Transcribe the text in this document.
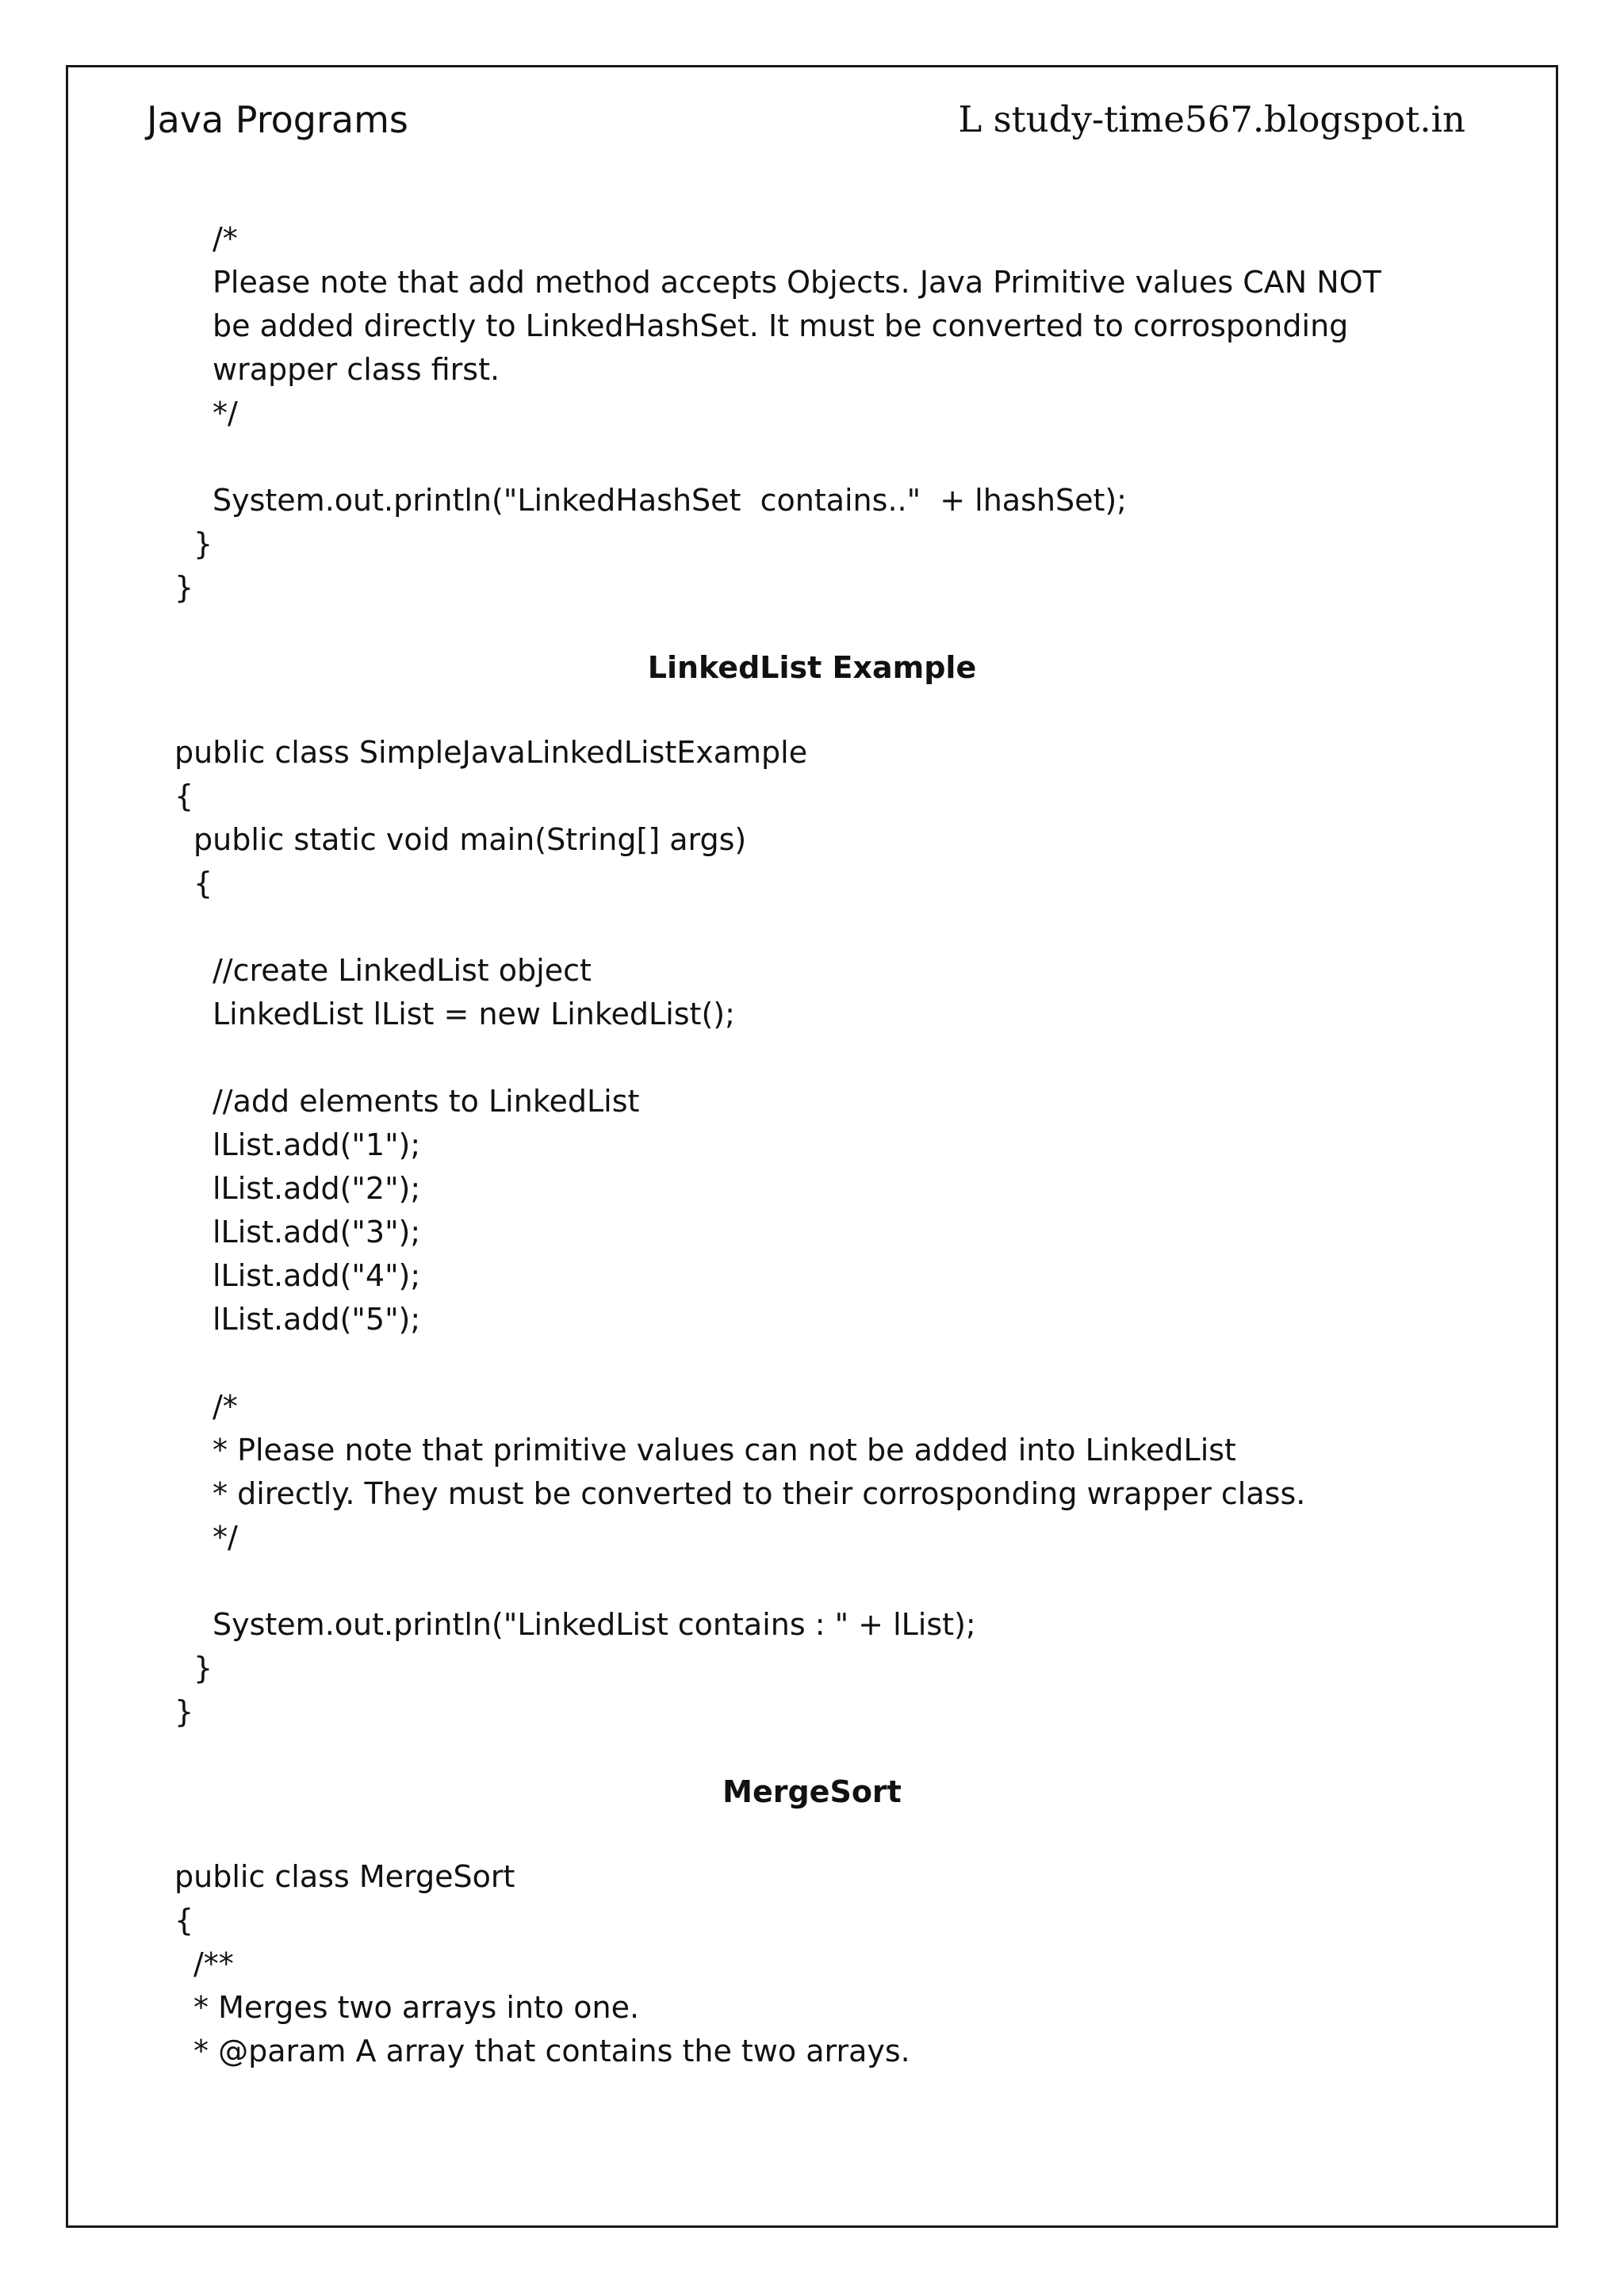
Java Programs	L study-time567.blogspot.in
/*
Please note that add method accepts Objects. Java Primitive values CAN NOT
be added directly to LinkedHashSet. It must be converted to corrosponding
wrapper class first.
*/
System.out.println("LinkedHashSet  contains.."  + lhashSet);
}
}
LinkedList Example
public class SimpleJavaLinkedListExample
{
public static void main(String[] args)
{
//create LinkedList object
LinkedList lList = new LinkedList();
//add elements to LinkedList
lList.add("1");
lList.add("2");
lList.add("3");
lList.add("4");
lList.add("5");
/*
* Please note that primitive values can not be added into LinkedList
* directly. They must be converted to their corrosponding wrapper class.
*/
System.out.println("LinkedList contains : " + lList);
}
}
MergeSort
public class MergeSort
{
/**
* Merges two arrays into one.
* @param A array that contains the two arrays.
